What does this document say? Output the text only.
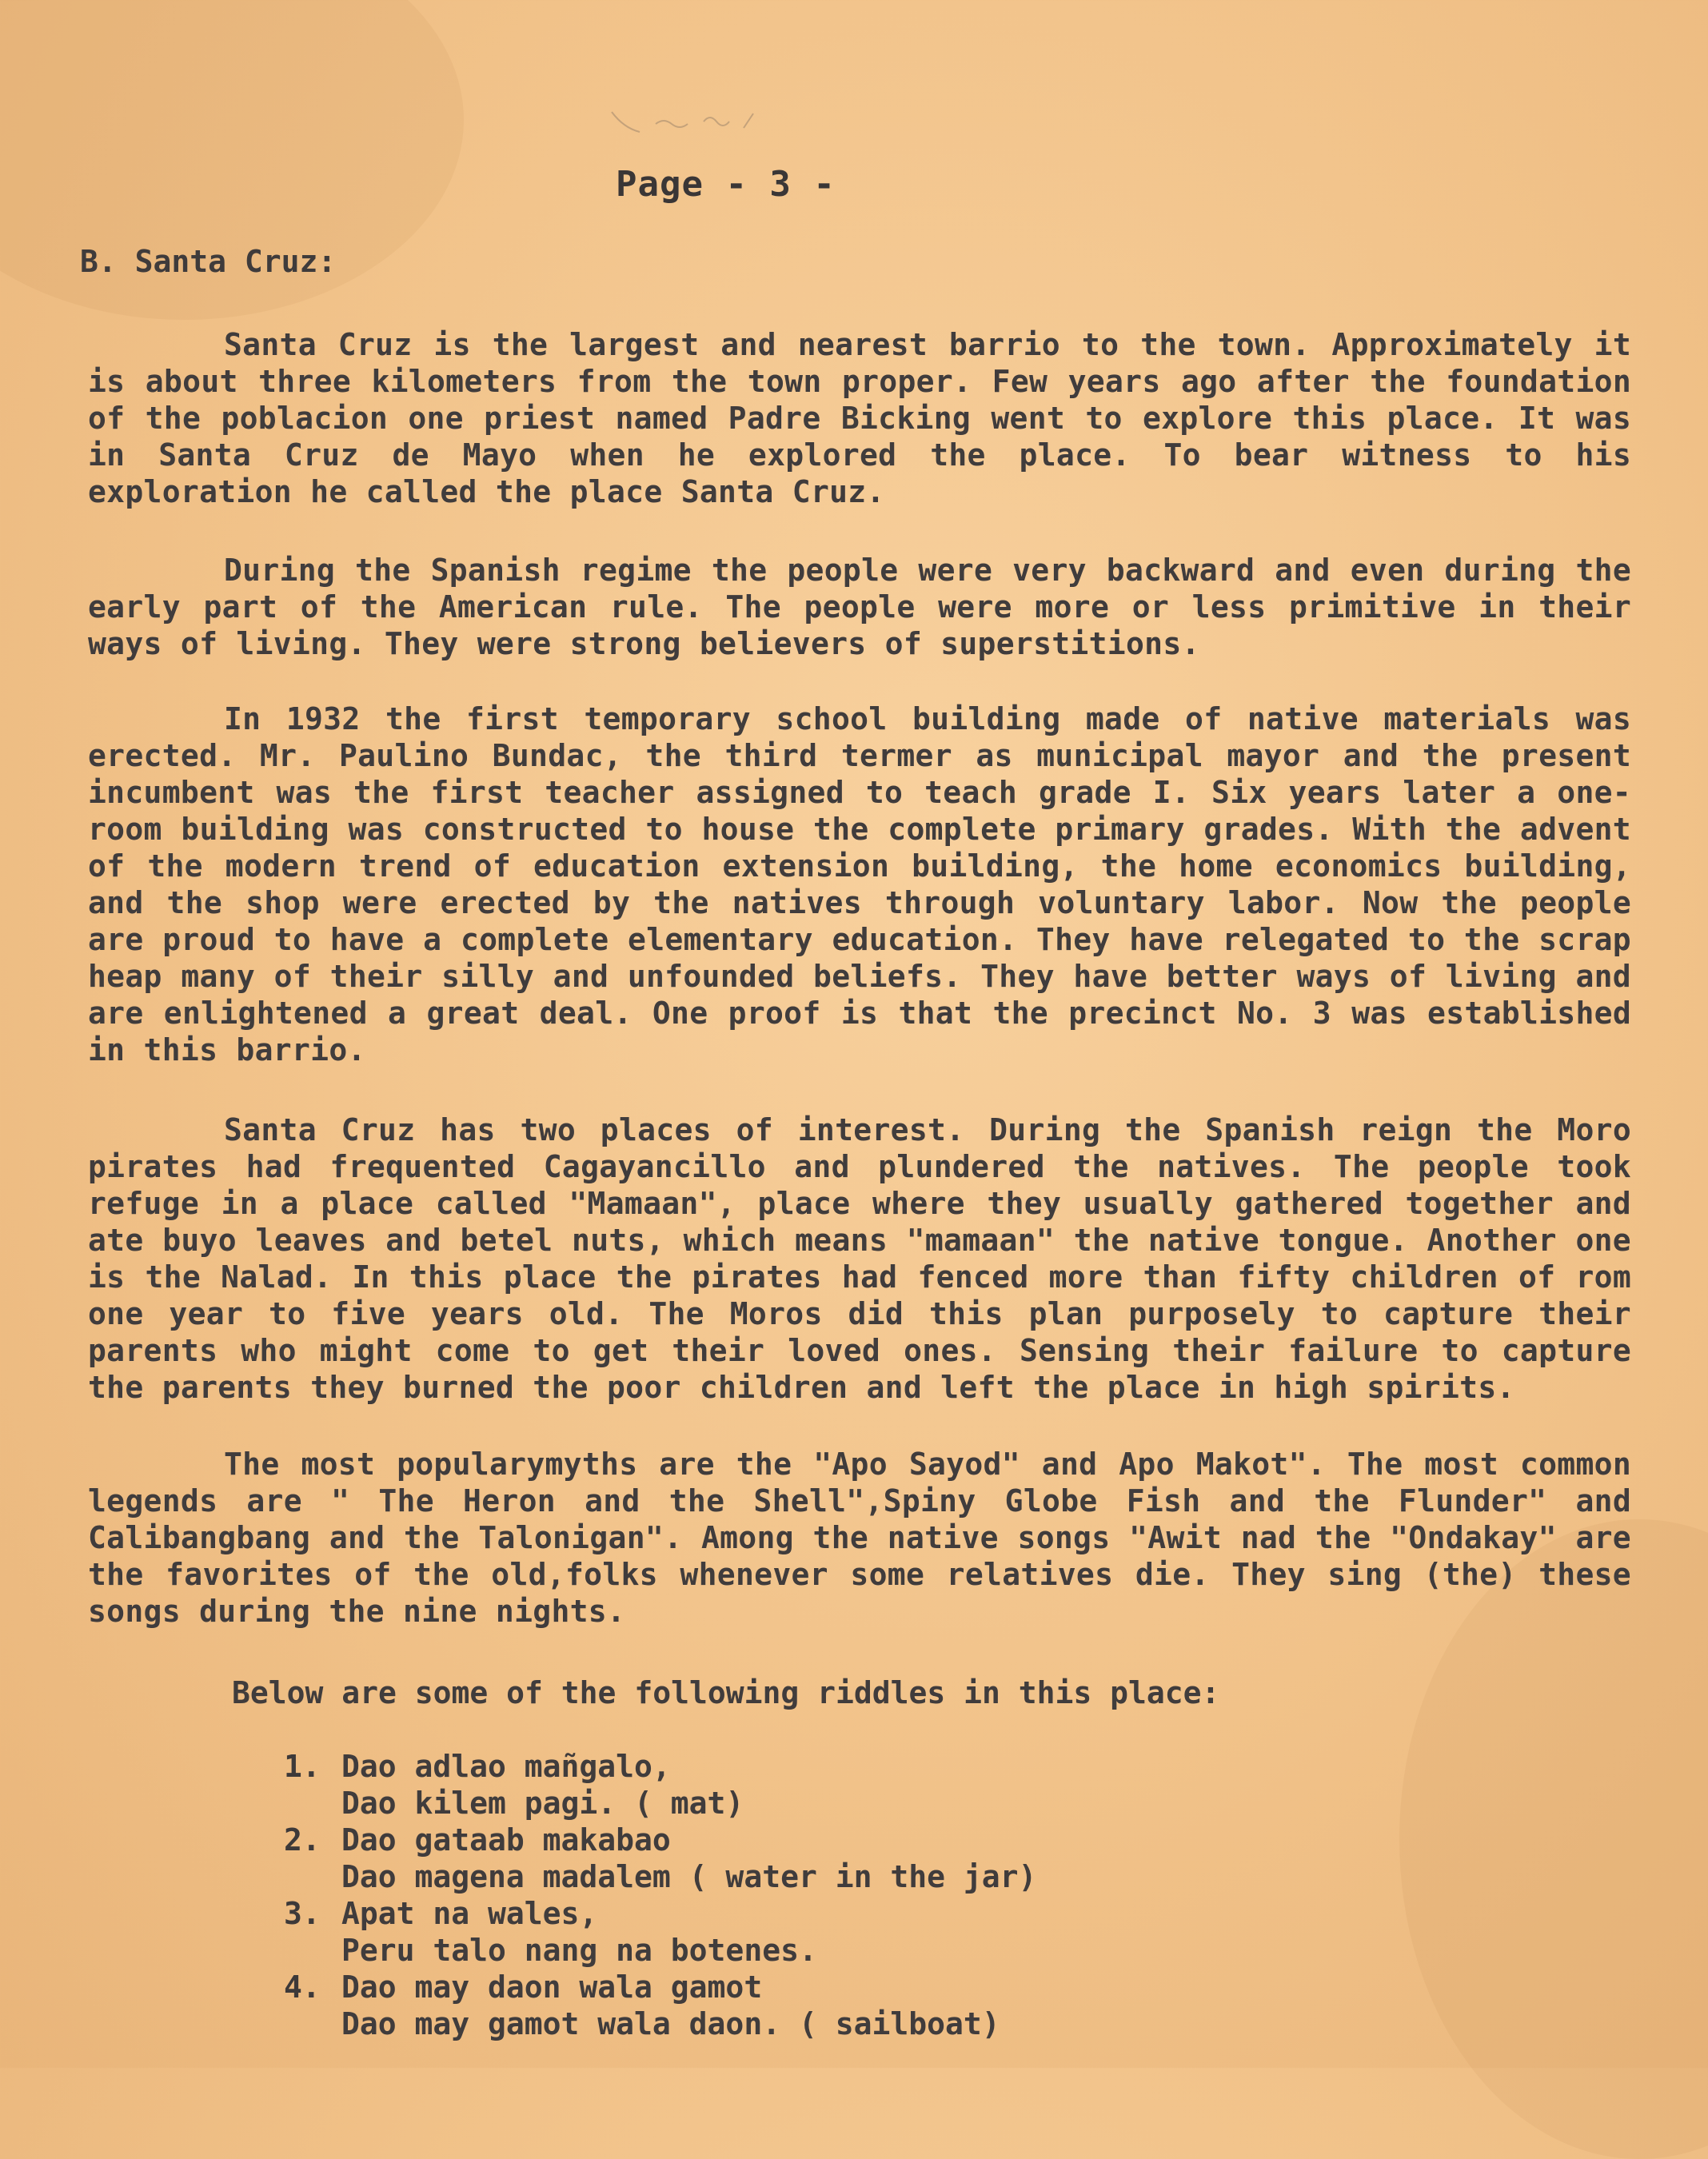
Page - 3 -
B. Santa Cruz:

Santa Cruz is the largest and nearest barrio to the town. Approximately it is about three kilometers from the town proper. Few years ago after the foundation of the poblacion one priest named Padre Bicking went to explore this place. It was in Santa Cruz de Mayo when he explored the place. To bear witness to his exploration he called the place Santa Cruz.

During the Spanish regime the people were very backward and even during the early part of the American rule. The people were more or less primitive in their ways of living. They were strong believers of superstitions.

In 1932 the first temporary school building made of native materials was erected. Mr. Paulino Bundac, the third termer as municipal mayor and the present incumbent was the first teacher assigned to teach grade I. Six years later a one-room building was constructed to house the complete primary grades. With the advent of the modern trend of education extension building, the home economics building, and the shop were erected by the natives through voluntary labor. Now the people are proud to have a complete elementary education. They have relegated to the scrap heap many of their silly and unfounded beliefs. They have better ways of living and are enlightened a great deal. One proof is that the precinct No. 3 was established in this barrio.

Santa Cruz has two places of interest. During the Spanish reign the Moro pirates had frequented Cagayancillo and plundered the natives. The people took refuge in a place called "Mamaan", place where they usually gathered together and ate buyo leaves and betel nuts, which means "mamaan" the native tongue. Another one is the Nalad. In this place the pirates had fenced more than fifty children of rom one year to five years old. The Moros did this plan purposely to capture their parents who might come to get their loved ones. Sensing their failure to capture the parents they burned the poor children and left the place in high spirits.

The most popularymyths are the "Apo Sayod" and Apo Makot". The most common legends are " The Heron and the Shell",Spiny Globe Fish and the Flunder" and Calibangbang and the Talonigan". Among the native songs "Awit nad the "Ondakay" are the favorites of the old,folks whenever some relatives die. They sing (the) these songs during the nine nights.

Below are some of the following riddles in this place:
1. Dao adlao mañgalo,
Dao kilem pagi. ( mat)
2. Dao gataab makabao
Dao magena madalem ( water in the jar)
3. Apat na wales,
Peru talo nang na botenes.
4. Dao may daon wala gamot
Dao may gamot wala daon. ( sailboat)
